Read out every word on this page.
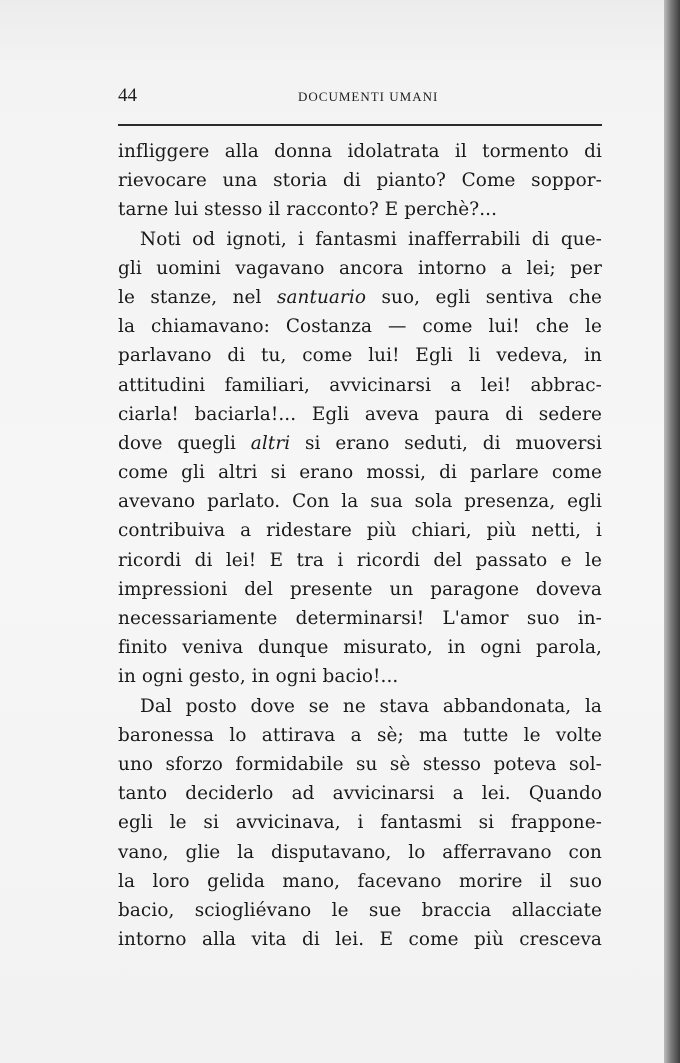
44	DOCUMENTI UMANI
infliggere alla donna idolatrata il tormento di
rievocare una storia di pianto? Come soppor-
tarne lui stesso il racconto? E perchè?...
Noti od ignoti, i fantasmi inafferrabili di que-
gli uomini vagavano ancora intorno a lei; per
le stanze, nel santuario suo, egli sentiva che
la chiamavano: Costanza — come lui! che le
parlavano di tu, come lui! Egli li vedeva, in
attitudini familiari, avvicinarsi a lei! abbrac-
ciarla! baciarla!... Egli aveva paura di sedere
dove quegli altri si erano seduti, di muoversi
come gli altri si erano mossi, di parlare come
avevano parlato. Con la sua sola presenza, egli
contribuiva a ridestare più chiari, più netti, i
ricordi di lei! E tra i ricordi del passato e le
impressioni del presente un paragone doveva
necessariamente determinarsi! L'amor suo in-
finito veniva dunque misurato, in ogni parola,
in ogni gesto, in ogni bacio!...
Dal posto dove se ne stava abbandonata, la
baronessa lo attirava a sè; ma tutte le volte
uno sforzo formidabile su sè stesso poteva sol-
tanto deciderlo ad avvicinarsi a lei. Quando
egli le si avvicinava, i fantasmi si frappone-
vano, glie la disputavano, lo afferravano con
la loro gelida mano, facevano morire il suo
bacio, sciogliévano le sue braccia allacciate
intorno alla vita di lei. E come più cresceva
